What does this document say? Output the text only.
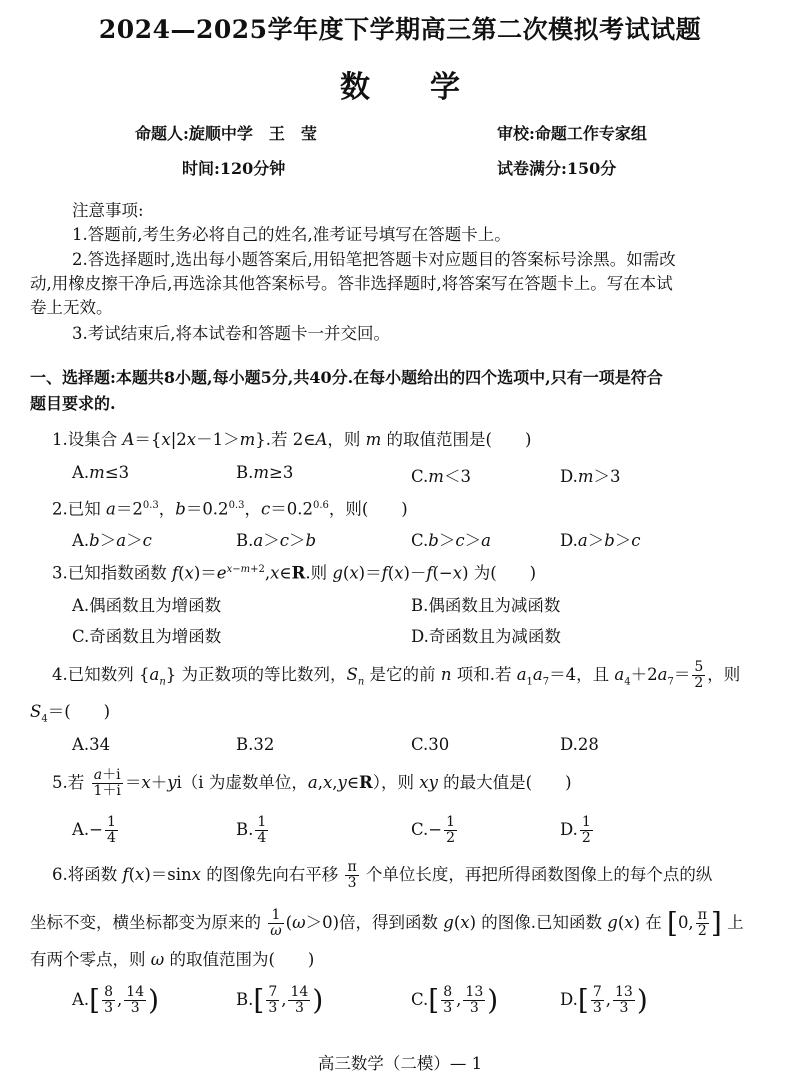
2024—2025学年度下学期高三第二次模拟考试试题
数学
命题人:旋顺中学　王　莹	审校:命题工作专家组
时间:120分钟	试卷满分:150分
注意事项:
1.答题前,考生务必将自己的姓名,准考证号填写在答题卡上。
2.答选择题时,选出每小题答案后,用铅笔把答题卡对应题目的答案标号涂黑。如需改
动,用橡皮擦干净后,再选涂其他答案标号。答非选择题时,将答案写在答题卡上。写在本试
卷上无效。
3.考试结束后,将本试卷和答题卡一并交回。
一、选择题:本题共8小题,每小题5分,共40分.在每小题给出的四个选项中,只有一项是符合
题目要求的.
1.设集合 A＝{x|2x－1＞m}.若 2∈A，则 m 的取值范围是(　　)
A.m≤3	B.m≥3	C.m＜3	D.m＞3
2.已知 $a=2^{0.3}$，$b=0.2^{0.3}$，$c=0.2^{0.6}$，则(　　)
A.b＞a＞c	B.a＞c＞b	C.b＞c＞a	D.a＞b＞c
3.已知指数函数 $f(x)=e^{x-m+2},x\in R$.则 g(x)＝f(x)－f(−x) 为(　　)
A.偶函数且为增函数	B.偶函数且为减函数
C.奇函数且为增函数	D.奇函数且为减函数
4.已知数列 $\{a_n\}$ 为正数项的等比数列，$S_n$ 是它的前 n 项和.若 $a_1a_7=4$，且 $a_4+2a_7= \frac{5}{2}$ ，则
$S_4=$(　　)
A.34	B.32	C.30	D.28
5.若 $\frac{a+i}{1+i} =x+yi(i$ 为虚数单位，a,x,y∈R），则 xy 的最大值是(　　)
$A.- \frac{1}{4}$	B. $\frac{1}{4}$	$C.- \frac{1}{2}$	D. $\frac{1}{2}$
6.将函数 f(x)＝sinx 的图像先向右平移 $\frac{\pi}{3}$ 个单位长度，再把所得函数图像上的每个点的纵
坐标不变，横坐标都变为原来的 $\frac{1}{\omega} (\omega>0)$倍，得到函数 g(x) 的图像.已知函数 g(x) 在 [0, $\frac{\pi}{2}$ ] 上
有两个零点，则 ω 的取值范围为(　　)
$A.[ \frac{8}{3}$ , $\frac{14}{3}$ )	$B.[ \frac{7}{3}$ , $\frac{14}{3}$ )	$C.[ \frac{8}{3}$ , $\frac{13}{3}$ )	$D.[ \frac{7}{3}$ , $\frac{13}{3}$ )
高三数学（二模）— 1
